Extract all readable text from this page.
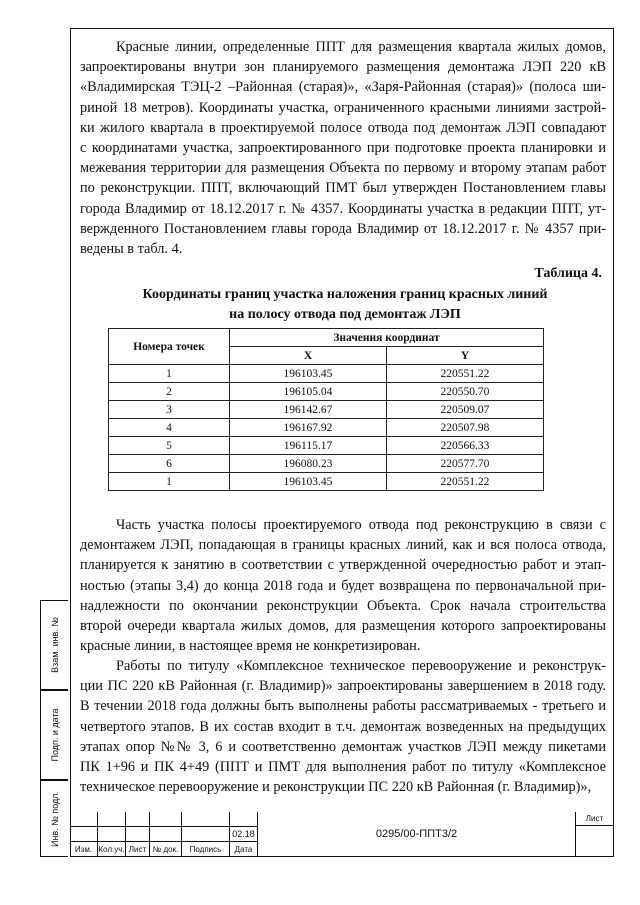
Красные линии, определенные ППТ для размещения квартала жилых домов,
запроектированы внутри зон планируемого размещения демонтажа ЛЭП 220 кВ
«Владимирская ТЭЦ-2 –Районная (старая)», «Заря-Районная (старая)» (полоса ши-
риной 18 метров). Координаты участка, ограниченного красными линиями застрой-
ки жилого квартала в проектируемой полосе отвода под демонтаж ЛЭП совпадают
с координатами участка, запроектированного при подготовке проекта планировки и
межевания территории для размещения Объекта по первому и второму этапам работ
по реконструкции. ППТ, включающий ПМТ был утвержден Постановлением главы
города Владимир от 18.12.2017 г. № 4357. Координаты участка в редакции ППТ, ут-
вержденного Постановлением главы города Владимир от 18.12.2017 г. № 4357 при-
ведены в табл. 4.
Таблица 4.
Координаты границ участка наложения границ красных линий
на полосу отвода под демонтаж ЛЭП
Номера точек	Значения координат	
	X	Y
1	196103.45	220551.22
2	196105.04	220550.70
3	196142.67	220509.07
4	196167.92	220507.98
5	196115.17	220566.33
6	196080.23	220577.70
1	196103.45	220551.22
Часть участка полосы проектируемого отвода под реконструкцию в связи с
демонтажем ЛЭП, попадающая в границы красных линий, как и вся полоса отвода,
планируется к занятию в соответствии с утвержденной очередностью работ и этап-
ностью (этапы 3,4) до конца 2018 года и будет возвращена по первоначальной при-
надлежности по окончании реконструкции Объекта. Срок начала строительства
второй очереди квартала жилых домов, для размещения которого запроектированы
красные линии, в настоящее время не конкретизирован.
Работы по титулу «Комплексное техническое перевооружение и реконструк-
ции ПС 220 кВ Районная (г. Владимир)» запроектированы завершением в 2018 году.
В течении 2018 года должны быть выполнены работы рассматриваемых - третьего и
четвертого этапов. В их состав входит в т.ч. демонтаж возведенных на предыдущих
этапах опор №№ 3, 6 и соответственно демонтаж участков ЛЭП между пикетами
ПК 1+96 и ПК 4+49 (ППТ и ПМТ для выполнения работ по титулу «Комплексное
техническое перевооружение и реконструкции ПС 220 кВ Районная (г. Владимир)»,
Взам. инв. №
Подп. и дата
Инв. № подл.	02.18
Изм. Кол.уч. Лист № док.	Подпись	Дата
0295/00-ППТ3/2
Лист
